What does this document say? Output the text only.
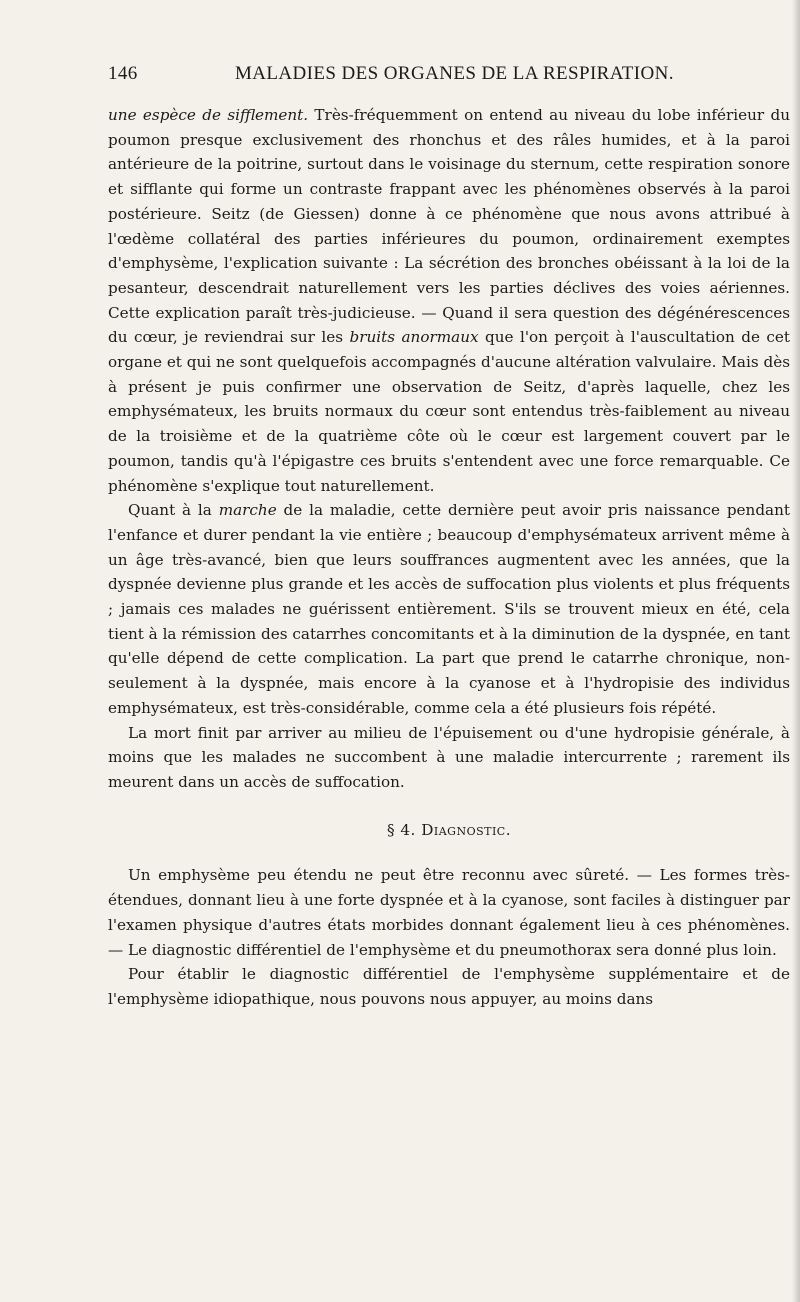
146	MALADIES DES ORGANES DE LA RESPIRATION.

une espèce de sifflement. Très-fréquemment on entend au niveau du lobe inférieur du poumon presque exclusivement des rhonchus et des râles humides, et à la paroi antérieure de la poitrine, surtout dans le voisinage du sternum, cette respiration sonore et sifflante qui forme un contraste frappant avec les phénomènes observés à la paroi postérieure. Seitz (de Giessen) donne à ce phénomène que nous avons attribué à l'œdème collatéral des parties inférieures du poumon, ordinairement exemptes d'emphysème, l'explication suivante : La sécrétion des bronches obéissant à la loi de la pesanteur, descendrait naturellement vers les parties déclives des voies aériennes. Cette explication paraît très-judicieuse. — Quand il sera question des dégénérescences du cœur, je reviendrai sur les bruits anormaux que l'on perçoit à l'auscultation de cet organe et qui ne sont quelquefois accompagnés d'aucune altération valvulaire. Mais dès à présent je puis confirmer une observation de Seitz, d'après laquelle, chez les emphysémateux, les bruits normaux du cœur sont entendus très-faiblement au niveau de la troisième et de la quatrième côte où le cœur est largement couvert par le poumon, tandis qu'à l'épigastre ces bruits s'entendent avec une force remarquable. Ce phénomène s'explique tout naturellement.

Quant à la marche de la maladie, cette dernière peut avoir pris naissance pendant l'enfance et durer pendant la vie entière ; beaucoup d'emphysémateux arrivent même à un âge très-avancé, bien que leurs souffrances augmentent avec les années, que la dyspnée devienne plus grande et les accès de suffocation plus violents et plus fréquents ; jamais ces malades ne guérissent entièrement. S'ils se trouvent mieux en été, cela tient à la rémission des catarrhes concomitants et à la diminution de la dyspnée, en tant qu'elle dépend de cette complication. La part que prend le catarrhe chronique, non-seulement à la dyspnée, mais encore à la cyanose et à l'hydropisie des individus emphysémateux, est très-considérable, comme cela a été plusieurs fois répété.

La mort finit par arriver au milieu de l'épuisement ou d'une hydropisie générale, à moins que les malades ne succombent à une maladie intercurrente ; rarement ils meurent dans un accès de suffocation.

§ 4. Diagnostic.

Un emphysème peu étendu ne peut être reconnu avec sûreté. — Les formes très-étendues, donnant lieu à une forte dyspnée et à la cyanose, sont faciles à distinguer par l'examen physique d'autres états morbides donnant également lieu à ces phénomènes. — Le diagnostic différentiel de l'emphysème et du pneumothorax sera donné plus loin.

Pour établir le diagnostic différentiel de l'emphysème supplémentaire et de l'emphysème idiopathique, nous pouvons nous appuyer, au moins dans
